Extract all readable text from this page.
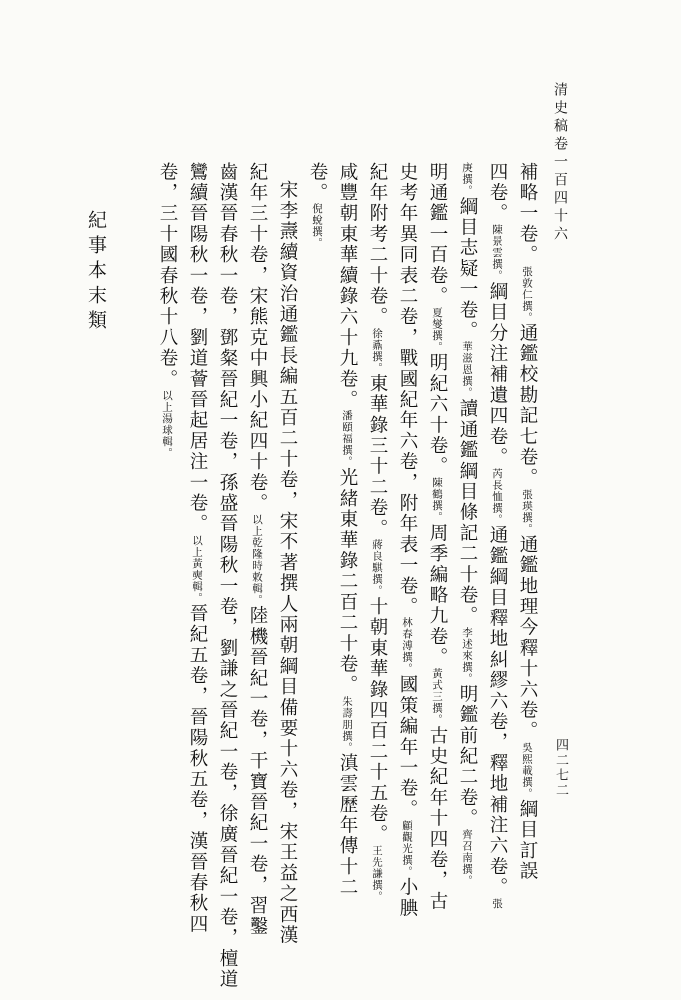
清史稿卷一百四十六
四二七二
補略一卷。張敦仁撰。通鑑校勘記七卷。張瑛撰。通鑑地理今釋十六卷。吳熙載撰。綱目訂誤
四卷。陳景雲撰。綱目分注補遺四卷。芮長恤撰。通鑑綱目釋地糾繆六卷，釋地補注六卷。張
庚撰。綱目志疑一卷。華滋恩撰。讀通鑑綱目條記二十卷。李述來撰。明鑑前紀二卷。齊召南撰。
明通鑑一百卷。夏燮撰。明紀六十卷。陳鶴撰。周季編略九卷。黃式三撰。古史紀年十四卷，古
史考年異同表二卷，戰國紀年六卷，附年表一卷。林春溥撰。國策編年一卷。顧觀光撰。小腆
紀年附考二十卷。徐鼒撰。東華錄三十二卷。蔣良騏撰。十朝東華錄四百二十五卷。王先謙撰。
咸豐朝東華續錄六十九卷。潘頤福撰。光緒東華錄二百二十卷。朱壽朋撰。滇雲歷年傳十二
卷。倪蛻撰。
宋李燾續資治通鑑長編五百二十卷，宋不著撰人兩朝綱目備要十六卷，宋王益之西漢
紀年三十卷，宋熊克中興小紀四十卷。以上乾隆時敕輯。陸機晉紀一卷，干寶晉紀一卷，習鑿
齒漢晉春秋一卷，鄧粲晉紀一卷，孫盛晉陽秋一卷，劉謙之晉紀一卷，徐廣晉紀一卷，檀道
鸞續晉陽秋一卷，劉道薈晉起居注一卷。以上黃奭輯。晉紀五卷，晉陽秋五卷，漢晉春秋四
卷，三十國春秋十八卷。以上湯球輯。
紀事本末類
